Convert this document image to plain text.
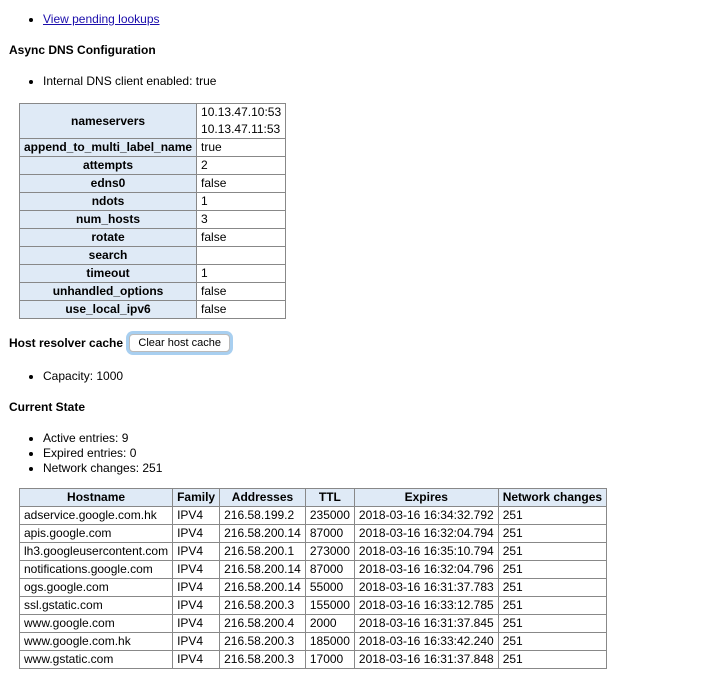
• View pending lookups
Async DNS Configuration
• Internal DNS client enabled: true
nameservers	10.13.47.10:53
10.13.47.11:53

append_to_multi_label_name	true

attempts	2

edns0	false

ndots	1

num_hosts	3

rotate	false

search	

timeout	1

unhandled_options	false

use_local_ipv6	false
Host resolver cache Clear host cache
• Capacity: 1000
Current State
• Active entries: 9
• Expired entries: 0
• Network changes: 251
Hostname	Family	Addresses	TTL	Expires	Network changes
adservice.google.com.hk	IPV4	216.58.199.2	235000	2018-03-16 16:34:32.792	251
apis.google.com	IPV4	216.58.200.14	87000	2018-03-16 16:32:04.794	251
lh3.googleusercontent.com	IPV4	216.58.200.1	273000	2018-03-16 16:35:10.794	251
notifications.google.com	IPV4	216.58.200.14	87000	2018-03-16 16:32:04.796	251
ogs.google.com	IPV4	216.58.200.14	55000	2018-03-16 16:31:37.783	251
ssl.gstatic.com	IPV4	216.58.200.3	155000	2018-03-16 16:33:12.785	251
www.google.com	IPV4	216.58.200.4	2000	2018-03-16 16:31:37.845	251
www.google.com.hk	IPV4	216.58.200.3	185000	2018-03-16 16:33:42.240	251
www.gstatic.com	IPV4	216.58.200.3	17000	2018-03-16 16:31:37.848	251
